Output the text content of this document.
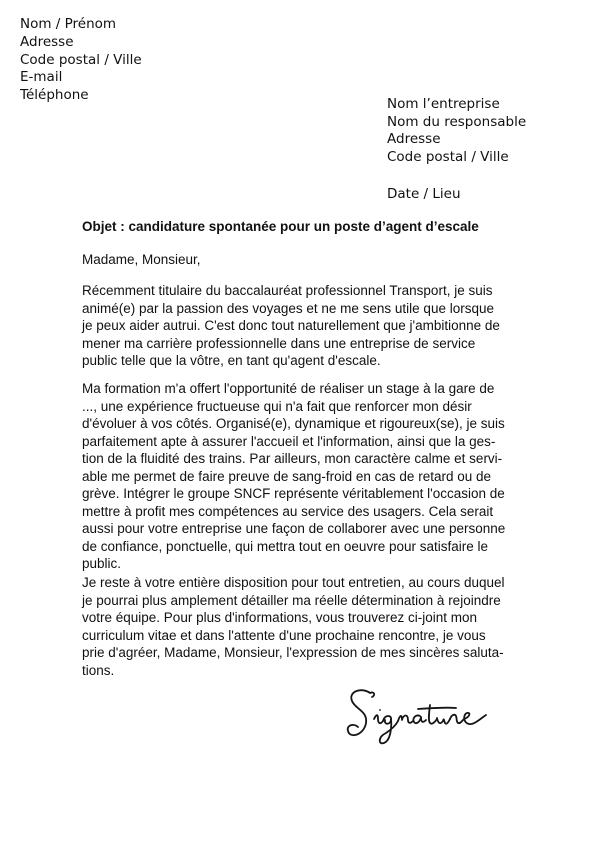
Nom / Prénom
Adresse
Code postal / Ville
E-mail
Téléphone
Nom l’entreprise
Nom du responsable
Adresse
Code postal / Ville
Date / Lieu
Objet : candidature spontanée pour un poste d’agent d’escale
Madame, Monsieur,
Récemment titulaire du baccalauréat professionnel Transport, je suis
animé(e) par la passion des voyages et ne me sens utile que lorsque
je peux aider autrui. C'est donc tout naturellement que j'ambitionne de
mener ma carrière professionnelle dans une entreprise de service
public telle que la vôtre, en tant qu'agent d'escale.
Ma formation m'a offert l'opportunité de réaliser un stage à la gare de
..., une expérience fructueuse qui n'a fait que renforcer mon désir
d'évoluer à vos côtés. Organisé(e), dynamique et rigoureux(se), je suis
parfaitement apte à assurer l'accueil et l'information, ainsi que la ges-
tion de la fluidité des trains. Par ailleurs, mon caractère calme et servi-
able me permet de faire preuve de sang-froid en cas de retard ou de
grève. Intégrer le groupe SNCF représente véritablement l'occasion de
mettre à profit mes compétences au service des usagers. Cela serait
aussi pour votre entreprise une façon de collaborer avec une personne
de confiance, ponctuelle, qui mettra tout en oeuvre pour satisfaire le
public.
Je reste à votre entière disposition pour tout entretien, au cours duquel
je pourrai plus amplement détailler ma réelle détermination à rejoindre
votre équipe. Pour plus d'informations, vous trouverez ci-joint mon
curriculum vitae et dans l'attente d'une prochaine rencontre, je vous
prie d'agréer, Madame, Monsieur, l'expression de mes sincères saluta-
tions.
